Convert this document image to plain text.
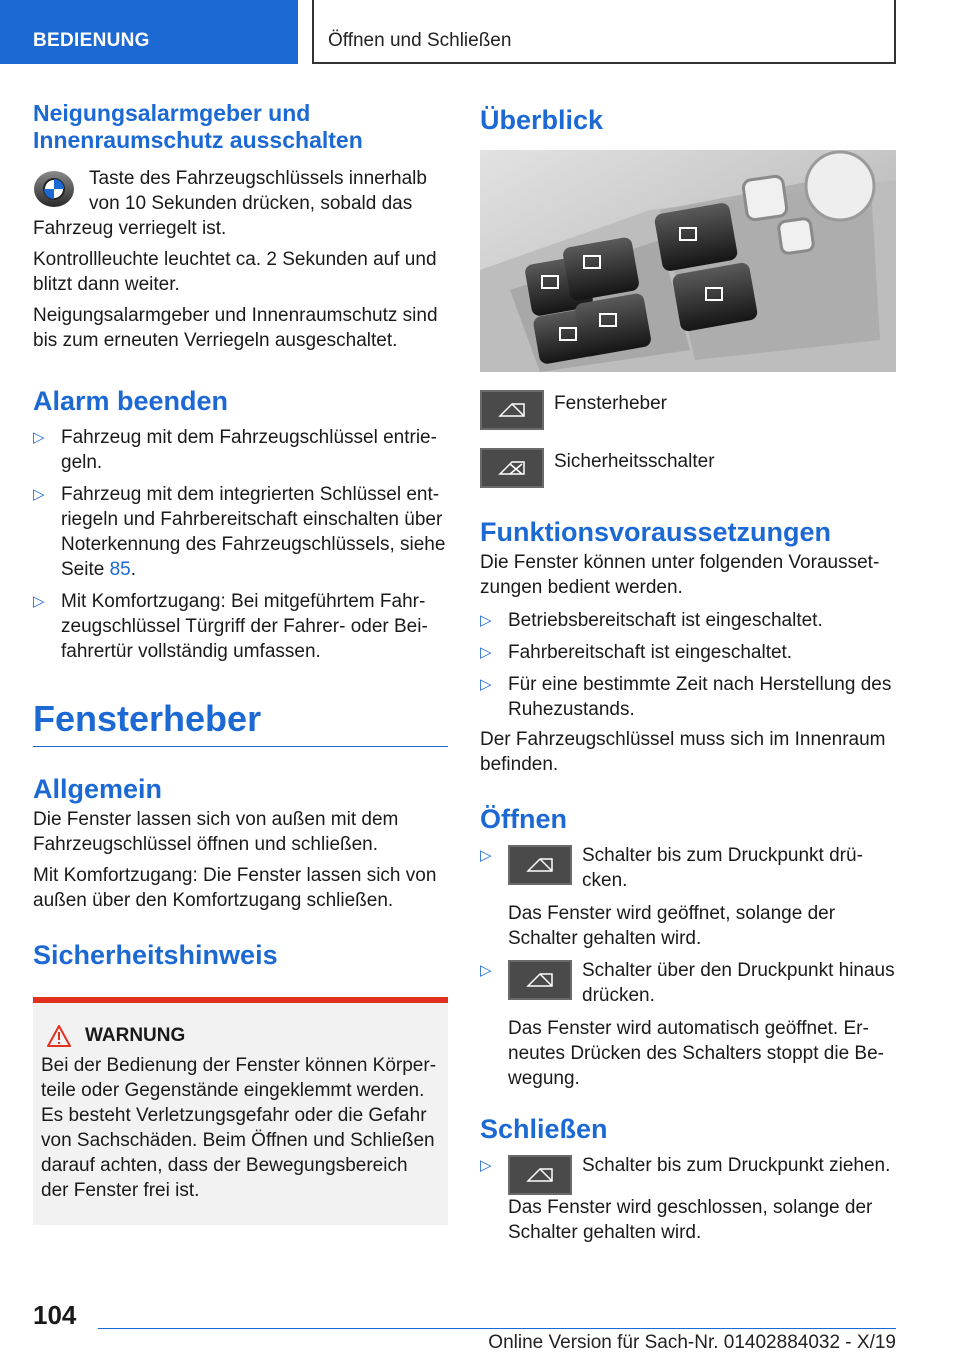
BEDIENUNG	Öffnen und Schließen
Neigungsalarmgeber und Innenraumschutz ausschalten

Taste des Fahrzeugschlüssels innerhalb von 10 Sekunden drücken, sobald das Fahrzeug verriegelt ist.

Kontrollleuchte leuchtet ca. 2 Sekunden auf und blitzt dann weiter.

Neigungsalarmgeber und Innenraumschutz sind bis zum erneuten Verriegeln ausgeschaltet.

Alarm beenden
▷ Fahrzeug mit dem Fahrzeugschlüssel entriegeln.
▷ Fahrzeug mit dem integrierten Schlüssel entriegeln und Fahrbereitschaft einschalten über Noterkennung des Fahrzeugschlüssels, siehe Seite 85.
▷ Mit Komfortzugang: Bei mitgeführtem Fahrzeugschlüssel Türgriff der Fahrer- oder Beifahrertür vollständig umfassen.
Fensterheber
Allgemein

Die Fenster lassen sich von außen mit dem Fahrzeugschlüssel öffnen und schließen.

Mit Komfortzugang: Die Fenster lassen sich von außen über den Komfortzugang schließen.

Sicherheitshinweis
WARNUNG

Bei der Bedienung der Fenster können Körperteile oder Gegenstände eingeklemmt werden. Es besteht Verletzungsgefahr oder die Gefahr von Sachschäden. Beim Öffnen und Schließen darauf achten, dass der Bewegungsbereich der Fenster frei ist.

Überblick
Fensterheber
Sicherheitsschalter
Funktionsvoraussetzungen

Die Fenster können unter folgenden Voraussetzungen bedient werden.

▷ Betriebsbereitschaft ist eingeschaltet.
▷ Fahrbereitschaft ist eingeschaltet.
▷ Für eine bestimmte Zeit nach Herstellung des Ruhezustands.

Der Fahrzeugschlüssel muss sich im Innenraum befinden.

Öffnen
▷	Schalter bis zum Druckpunkt drücken.

Das Fenster wird geöffnet, solange der Schalter gehalten wird.

▷	Schalter über den Druckpunkt hinaus drücken.

Das Fenster wird automatisch geöffnet. Erneutes Drücken des Schalters stoppt die Bewegung.

Schließen
▷	Schalter bis zum Druckpunkt ziehen.

Das Fenster wird geschlossen, solange der Schalter gehalten wird.

104
Online Version für Sach-Nr. 01402884032 - X/19
